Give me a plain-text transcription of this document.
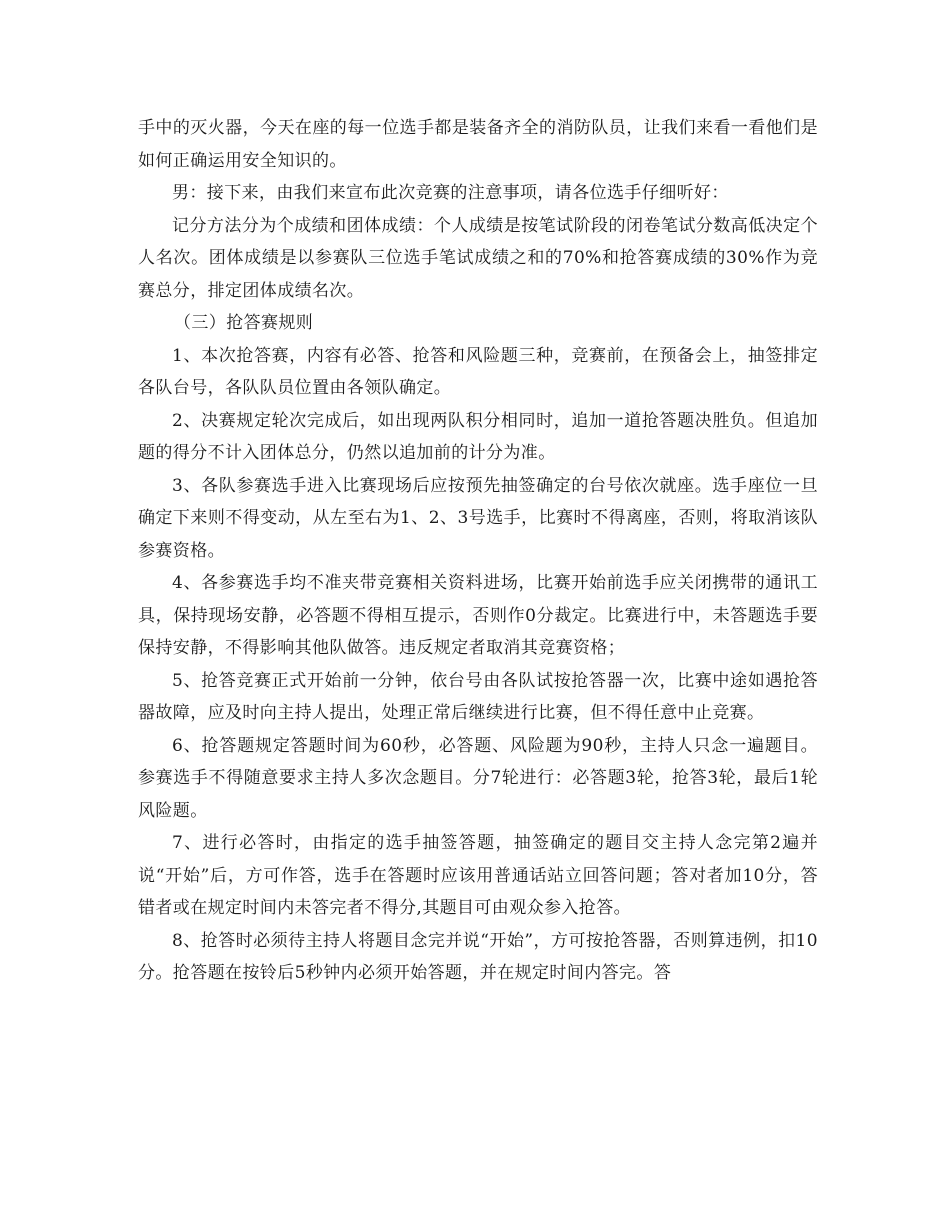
手中的灭火器，今天在座的每一位选手都是装备齐全的消防队员，让我们来看一看他们是如何正确运用安全知识的。

男：接下来，由我们来宣布此次竞赛的注意事项，请各位选手仔细听好：

记分方法分为个成绩和团体成绩：个人成绩是按笔试阶段的闭卷笔试分数高低决定个人名次。团体成绩是以参赛队三位选手笔试成绩之和的70%和抢答赛成绩的30%作为竞赛总分，排定团体成绩名次。

（三）抢答赛规则

1、本次抢答赛，内容有必答、抢答和风险题三种，竞赛前，在预备会上，抽签排定各队台号，各队队员位置由各领队确定。

2、决赛规定轮次完成后，如出现两队积分相同时，追加一道抢答题决胜负。但追加题的得分不计入团体总分，仍然以追加前的计分为准。

3、各队参赛选手进入比赛现场后应按预先抽签确定的台号依次就座。选手座位一旦确定下来则不得变动，从左至右为1、2、3号选手，比赛时不得离座，否则，将取消该队参赛资格。

4、各参赛选手均不准夹带竞赛相关资料进场，比赛开始前选手应关闭携带的通讯工具，保持现场安静，必答题不得相互提示，否则作0分裁定。比赛进行中，未答题选手要保持安静，不得影响其他队做答。违反规定者取消其竞赛资格；

5、抢答竞赛正式开始前一分钟，依台号由各队试按抢答器一次，比赛中途如遇抢答器故障，应及时向主持人提出，处理正常后继续进行比赛，但不得任意中止竞赛。

6、抢答题规定答题时间为60秒，必答题、风险题为90秒，主持人只念一遍题目。参赛选手不得随意要求主持人多次念题目。分7轮进行：必答题3轮，抢答3轮，最后1轮风险题。

7、进行必答时，由指定的选手抽签答题，抽签确定的题目交主持人念完第2遍并说“开始”后，方可作答，选手在答题时应该用普通话站立回答问题；答对者加10分，答错者或在规定时间内未答完者不得分,其题目可由观众参入抢答。

8、抢答时必须待主持人将题目念完并说“开始”，方可按抢答器，否则算违例，扣10分。抢答题在按铃后5秒钟内必须开始答题，并在规定时间内答完。答
